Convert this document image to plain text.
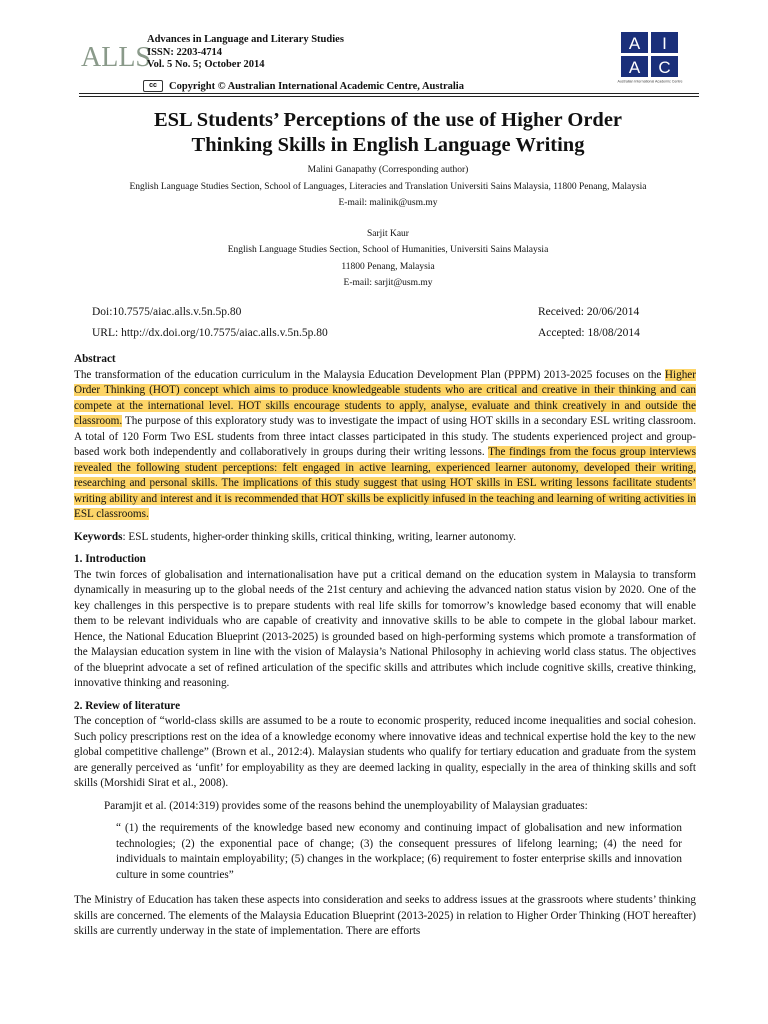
ALLS
Advances in Language and Literary Studies
ISSN: 2203-4714
Vol. 5 No. 5; October 2014
cc	Copyright © Australian International Academic Centre, Australia
A I
A C
Australian International Academic Centre
ESL Students’ Perceptions of the use of Higher Order
Thinking Skills in English Language Writing
Malini Ganapathy (Corresponding author)
English Language Studies Section, School of Languages, Literacies and Translation Universiti Sains Malaysia, 11800 Penang, Malaysia
E-mail: malinik@usm.my
Sarjit Kaur
English Language Studies Section, School of Humanities, Universiti Sains Malaysia
11800 Penang, Malaysia
E-mail: sarjit@usm.my
Doi:10.7575/aiac.alls.v.5n.5p.80	Received: 20/06/2014
URL: http://dx.doi.org/10.7575/aiac.alls.v.5n.5p.80	Accepted: 18/08/2014

Abstract

The transformation of the education curriculum in the Malaysia Education Development Plan (PPPM) 2013-2025 focuses on the Higher Order Thinking (HOT) concept which aims to produce knowledgeable students who are critical and creative in their thinking and can compete at the international level. HOT skills encourage students to apply, analyse, evaluate and think creatively in and outside the classroom. The purpose of this exploratory study was to investigate the impact of using HOT skills in a secondary ESL writing classroom. A total of 120 Form Two ESL students from three intact classes participated in this study. The students experienced project and group-based work both independently and collaboratively in groups during their writing lessons. The findings from the focus group interviews revealed the following student perceptions: felt engaged in active learning, experienced learner autonomy, developed their writing, researching and personal skills. The implications of this study suggest that using HOT skills in ESL writing lessons facilitate students’ writing ability and interest and it is recommended that HOT skills be explicitly infused in the teaching and learning of writing activities in ESL classrooms.

Keywords: ESL students, higher-order thinking skills, critical thinking, writing, learner autonomy.

1. Introduction

The twin forces of globalisation and internationalisation have put a critical demand on the education system in Malaysia to transform dynamically in measuring up to the global needs of the 21st century and achieving the advanced nation status vision by 2020. One of the key challenges in this perspective is to prepare students with real life skills for tomorrow’s knowledge based economy that will enable them to be relevant individuals who are capable of creativity and innovative skills to be able to compete in the global labour market. Hence, the National Education Blueprint (2013-2025) is grounded based on high-performing systems which promote a transformation of the Malaysian education system in line with the vision of Malaysia’s National Philosophy in achieving world class status. The objectives of the blueprint advocate a set of refined articulation of the specific skills and attributes which include cognitive skills, creative thinking, innovative thinking and reasoning.

2. Review of literature

The conception of “world-class skills are assumed to be a route to economic prosperity, reduced income inequalities and social cohesion. Such policy prescriptions rest on the idea of a knowledge economy where innovative ideas and technical expertise hold the key to the new global competitive challenge” (Brown et al., 2012:4). Malaysian students who qualify for tertiary education and graduate from the system are generally perceived as ‘unfit’ for employability as they are deemed lacking in quality, especially in the area of thinking skills and soft skills (Morshidi Sirat et al., 2008).

Paramjit et al. (2014:319) provides some of the reasons behind the unemployability of Malaysian graduates:

“ (1) the requirements of the knowledge based new economy and continuing impact of globalisation and new information technologies; (2) the exponential pace of change; (3) the consequent pressures of lifelong learning; (4) the need for individuals to maintain employability; (5) changes in the workplace; (6) requirement to foster enterprise skills and innovation culture in some countries”

The Ministry of Education has taken these aspects into consideration and seeks to address issues at the grassroots where students’ thinking skills are concerned. The elements of the Malaysia Education Blueprint (2013-2025) in relation to Higher Order Thinking (HOT hereafter) skills are currently underway in the state of implementation. There are efforts
